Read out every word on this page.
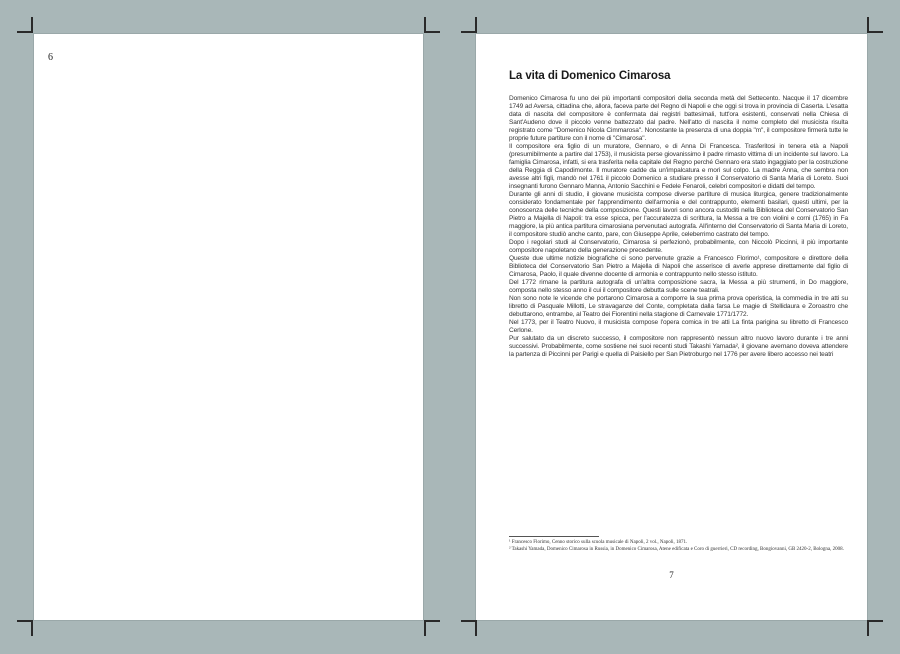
6
La vita di Domenico Cimarosa

Domenico Cimarosa fu uno dei più importanti compositori della seconda metà del Settecento. Nacque il 17 dicembre 1749 ad Aversa, cittadina che, allora, faceva parte del Regno di Napoli e che oggi si trova in provincia di Caserta. L'esatta data di nascita del compositore è confermata dai registri battesimali, tutt'ora esistenti, conservati nella Chiesa di Sant'Audeno dove il piccolo venne battezzato dal padre. Nell'atto di nascita il nome completo del musicista risulta registrato come "Domenico Nicola Cimmarosa". Nonostante la presenza di una doppia "m", il compositore firmerà tutte le proprie future partiture con il nome di "Cimarosa".

Il compositore era figlio di un muratore, Gennaro, e di Anna Di Francesca. Trasferitosi in tenera età a Napoli (presumibilmente a partire dal 1753), il musicista perse giovanissimo il padre rimasto vittima di un incidente sul lavoro. La famiglia Cimarosa, infatti, si era trasferita nella capitale del Regno perché Gennaro era stato ingaggiato per la costruzione della Reggia di Capodimonte. Il muratore cadde da un'impalcatura e morì sul colpo. La madre Anna, che sembra non avesse altri figli, mandò nel 1761 il piccolo Domenico a studiare presso il Conservatorio di Santa Maria di Loreto. Suoi insegnanti furono Gennaro Manna, Antonio Sacchini e Fedele Fenaroli, celebri compositori e didatti del tempo.

Durante gli anni di studio, il giovane musicista compose diverse partiture di musica liturgica, genere tradizionalmente considerato fondamentale per l'apprendimento dell'armonia e del contrappunto, elementi basilari, questi ultimi, per la conoscenza delle tecniche della composizione. Questi lavori sono ancora custoditi nella Biblioteca del Conservatorio San Pietro a Majella di Napoli: tra esse spicca, per l'accuratezza di scrittura, la Messa a tre con violini e corni (1765) in Fa maggiore, la più antica partitura cimarosiana pervenutaci autografa. All'interno del Conservatorio di Santa Maria di Loreto, il compositore studiò anche canto, pare, con Giuseppe Aprile, celeberrimo castrato del tempo.

Dopo i regolari studi al Conservatorio, Cimarosa si perfezionò, probabilmente, con Niccolò Piccinni, il più importante compositore napoletano della generazione precedente.

Queste due ultime notizie biografiche ci sono pervenute grazie a Francesco Florimo¹, compositore e direttore della Biblioteca del Conservatorio San Pietro a Majella di Napoli che asserisce di averle apprese direttamente dal figlio di Cimarosa, Paolo, il quale divenne docente di armonia e contrappunto nello stesso istituto.

Del 1772 rimane la partitura autografa di un'altra composizione sacra, la Messa a più strumenti, in Do maggiore, composta nello stesso anno il cui il compositore debutta sulle scene teatrali.

Non sono note le vicende che portarono Cimarosa a comporre la sua prima prova operistica, la commedia in tre atti su libretto di Pasquale Millotti, Le stravaganze del Conte, completata dalla farsa Le magie di Stellidaura e Zoroastro che debuttarono, entrambe, al Teatro dei Fiorentini nella stagione di Carnevale 1771/1772.

Nel 1773, per il Teatro Nuovo, il musicista compose l'opera comica in tre atti La finta parigina su libretto di Francesco Cerlone.

Pur salutato da un discreto successo, il compositore non rappresentò nessun altro nuovo lavoro durante i tre anni successivi. Probabilmente, come sostiene nei suoi recenti studi Takashi Yamada², il giovane avernano doveva attendere la partenza di Piccinni per Parigi e quella di Paisiello per San Pietroburgo nel 1776 per avere libero accesso nei teatri

¹ Francesco Florimo, Cenno storico sulla scuola musicale di Napoli, 2 vol., Napoli, 1871.

² Takashi Yamada, Domenico Cimarosa in Russia, in Domenico Cimarosa, Atene edificata e Coro di guerrieri, CD recording, Bongiovanni, GB 2420-2, Bologna, 2008.

7
